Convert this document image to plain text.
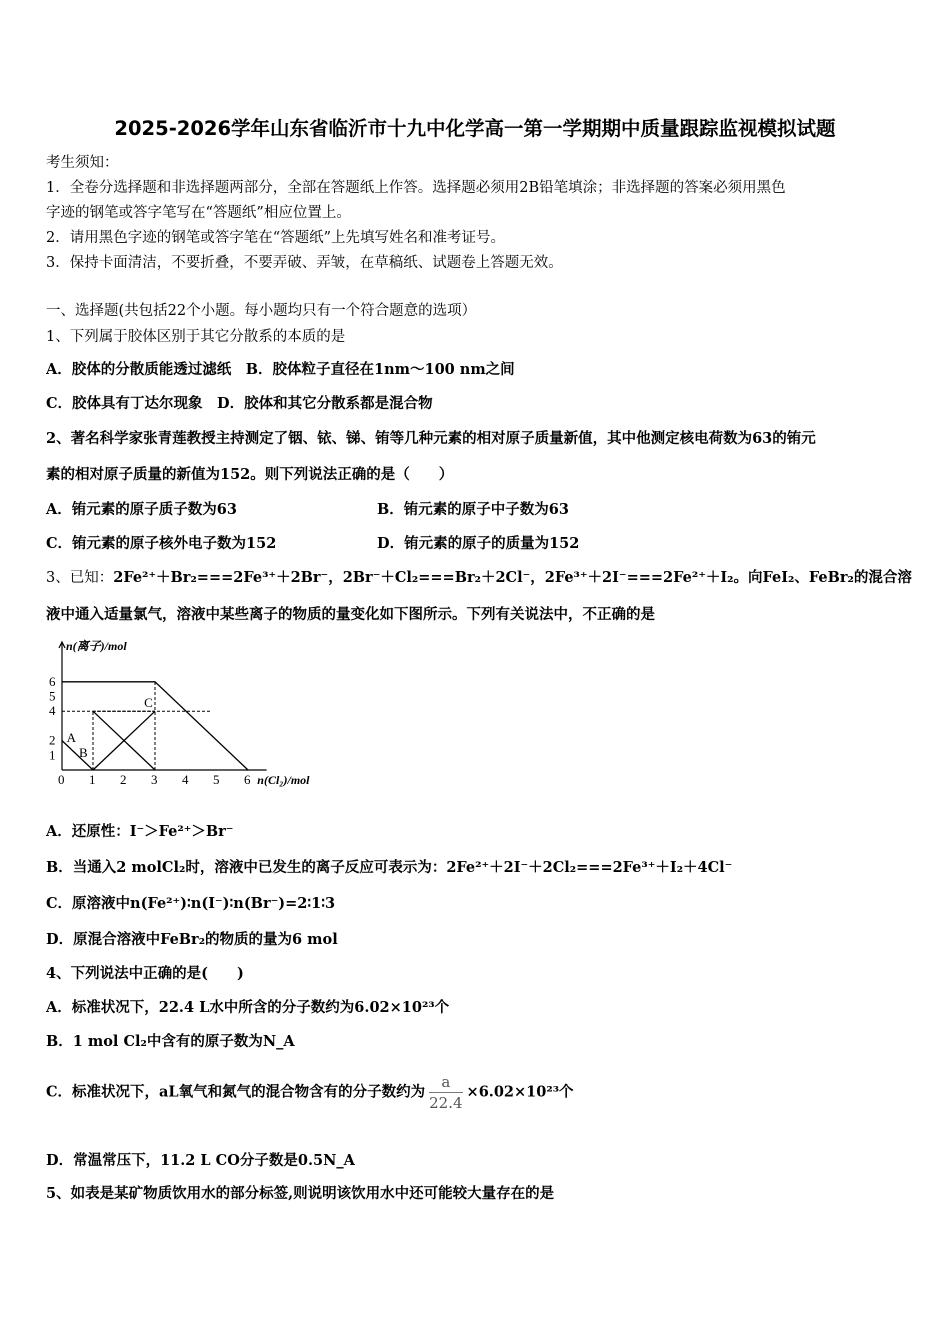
2025-2026学年山东省临沂市十九中化学高一第一学期期中质量跟踪监视模拟试题
考生须知：
1．全卷分选择题和非选择题两部分，全部在答题纸上作答。选择题必须用2B铅笔填涂；非选择题的答案必须用黑色
字迹的钢笔或答字笔写在“答题纸”相应位置上。
2．请用黑色字迹的钢笔或答字笔在“答题纸”上先填写姓名和准考证号。
3．保持卡面清洁，不要折叠，不要弄破、弄皱，在草稿纸、试题卷上答题无效。
一、选择题(共包括22个小题。每小题均只有一个符合题意的选项）
1、下列属于胶体区别于其它分散系的本质的是
A．胶体的分散质能透过滤纸　B．胶体粒子直径在1nm～100 nm之间
C．胶体具有丁达尔现象　D．胶体和其它分散系都是混合物
2、著名科学家张青莲教授主持测定了铟、铱、锑、铕等几种元素的相对原子质量新值，其中他测定核电荷数为63的铕元
素的相对原子质量的新值为152。则下列说法正确的是（　　）
A．铕元素的原子质子数为63	B．铕元素的原子中子数为63
C．铕元素的原子核外电子数为152	D．铕元素的原子的质量为152
3、已知：2Fe²⁺＋Br₂===2Fe³⁺＋2Br⁻，2Br⁻＋Cl₂===Br₂＋2Cl⁻，2Fe³⁺＋2I⁻===2Fe²⁺＋I₂。向FeI₂、FeBr₂的混合溶
液中通入适量氯气，溶液中某些离子的物质的量变化如下图所示。下列有关说法中，不正确的是
A
B
C
0 1 2 3 4 5 6
1
2
4
5
6
n(离子)/mol
n(Cl₂)/mol
A．还原性：I⁻＞Fe²⁺＞Br⁻
B．当通入2 molCl₂时，溶液中已发生的离子反应可表示为：2Fe²⁺＋2I⁻＋2Cl₂===2Fe³⁺＋I₂＋4Cl⁻
C．原溶液中n(Fe²⁺)∶n(I⁻)∶n(Br⁻)=2∶1∶3
D．原混合溶液中FeBr₂的物质的量为6 mol
4、下列说法中正确的是(　　)
A．标准状况下，22.4 L水中所含的分子数约为6.02×10²³个
B．1 mol Cl₂中含有的原子数为N_A
C．标准状况下，aL氧气和氮气的混合物含有的分子数约为 $\frac{a}{22.4} \times 6.02\times 10^{23}$个
D．常温常压下，11.2 L CO分子数是0.5N_A
5、如表是某矿物质饮用水的部分标签,则说明该饮用水中还可能较大量存在的是
